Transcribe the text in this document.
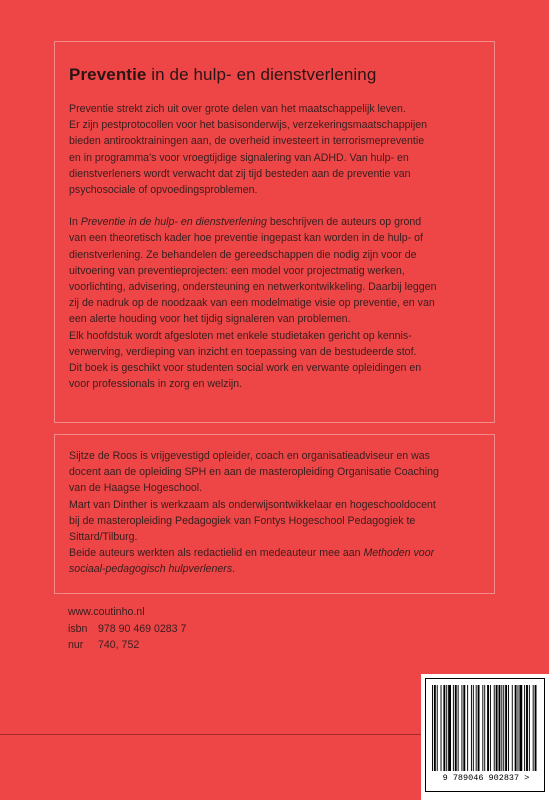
Preventie in de hulp- en dienstverlening

Preventie strekt zich uit over grote delen van het maatschappelijk leven.
Er zijn pestprotocollen voor het basisonderwijs, verzekeringsmaatschappijen
bieden antirooktrainingen aan, de overheid investeert in terrorismepreventie
en in programma's voor vroegtijdige signalering van ADHD. Van hulp- en
dienstverleners wordt verwacht dat zij tijd besteden aan de preventie van
psychosociale of opvoedingsproblemen.

In Preventie in de hulp- en dienstverlening beschrijven de auteurs op grond
van een theoretisch kader hoe preventie ingepast kan worden in de hulp- of
dienstverlening. Ze behandelen de gereedschappen die nodig zijn voor de
uitvoering van preventieprojecten: een model voor projectmatig werken,
voorlichting, advisering, ondersteuning en netwerkontwikkeling. Daarbij leggen
zij de nadruk op de noodzaak van een modelmatige visie op preventie, en van
een alerte houding voor het tijdig signaleren van problemen.
Elk hoofdstuk wordt afgesloten met enkele studietaken gericht op kennis-
verwerving, verdieping van inzicht en toepassing van de bestudeerde stof.
Dit boek is geschikt voor studenten social work en verwante opleidingen en
voor professionals in zorg en welzijn.

Sijtze de Roos is vrijgevestigd opleider, coach en organisatieadviseur en was
docent aan de opleiding SPH en aan de masteropleiding Organisatie Coaching
van de Haagse Hogeschool.
Mart van Dinther is werkzaam als onderwijsontwikkelaar en hogeschooldocent
bij de masteropleiding Pedagogiek van Fontys Hogeschool Pedagogiek te
Sittard/Tilburg.
Beide auteurs werkten als redactielid en medeauteur mee aan Methoden voor
sociaal-pedagogisch hulpverleners.

www.coutinho.nl
isbn 978 90 469 0283 7
nur 740, 752
9 789046 902837 >
